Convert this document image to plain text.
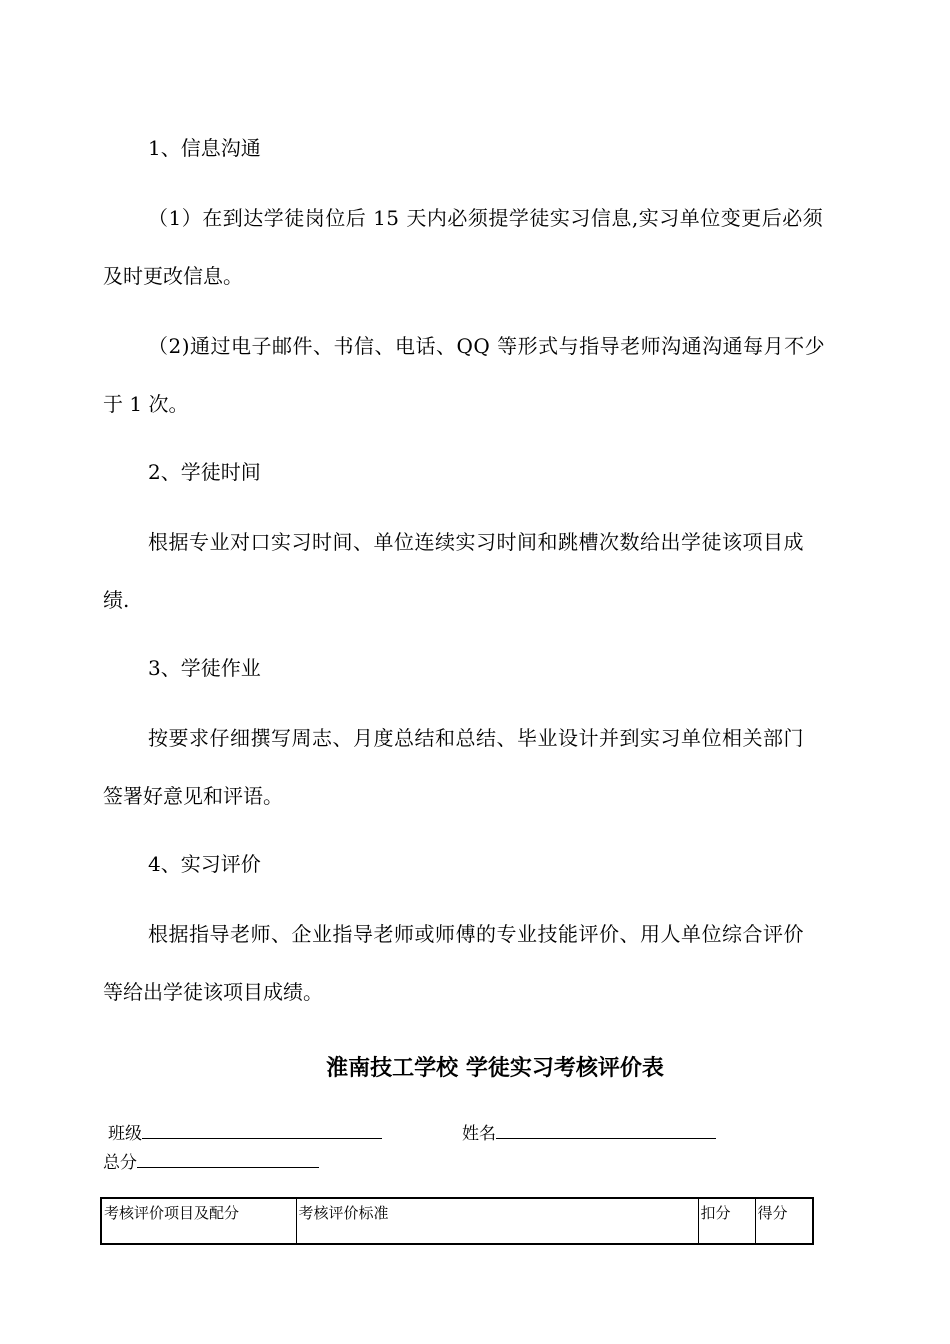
1、信息沟通
（1）在到达学徒岗位后 15 天内必须提学徒实习信息,实习单位变更后必须
及时更改信息。
（2)通过电子邮件、书信、电话、QQ 等形式与指导老师沟通沟通每月不少
于 1 次。
2、学徒时间
根据专业对口实习时间、单位连续实习时间和跳槽次数给出学徒该项目成
绩.
3、学徒作业
按要求仔细撰写周志、月度总结和总结、毕业设计并到实习单位相关部门
签署好意见和评语。
4、实习评价
根据指导老师、企业指导老师或师傅的专业技能评价、用人单位综合评价
等给出学徒该项目成绩。
淮南技工学校 学徒实习考核评价表
班级	姓名
总分
考核评价项目及配分	考核评价标准	扣分	得分
